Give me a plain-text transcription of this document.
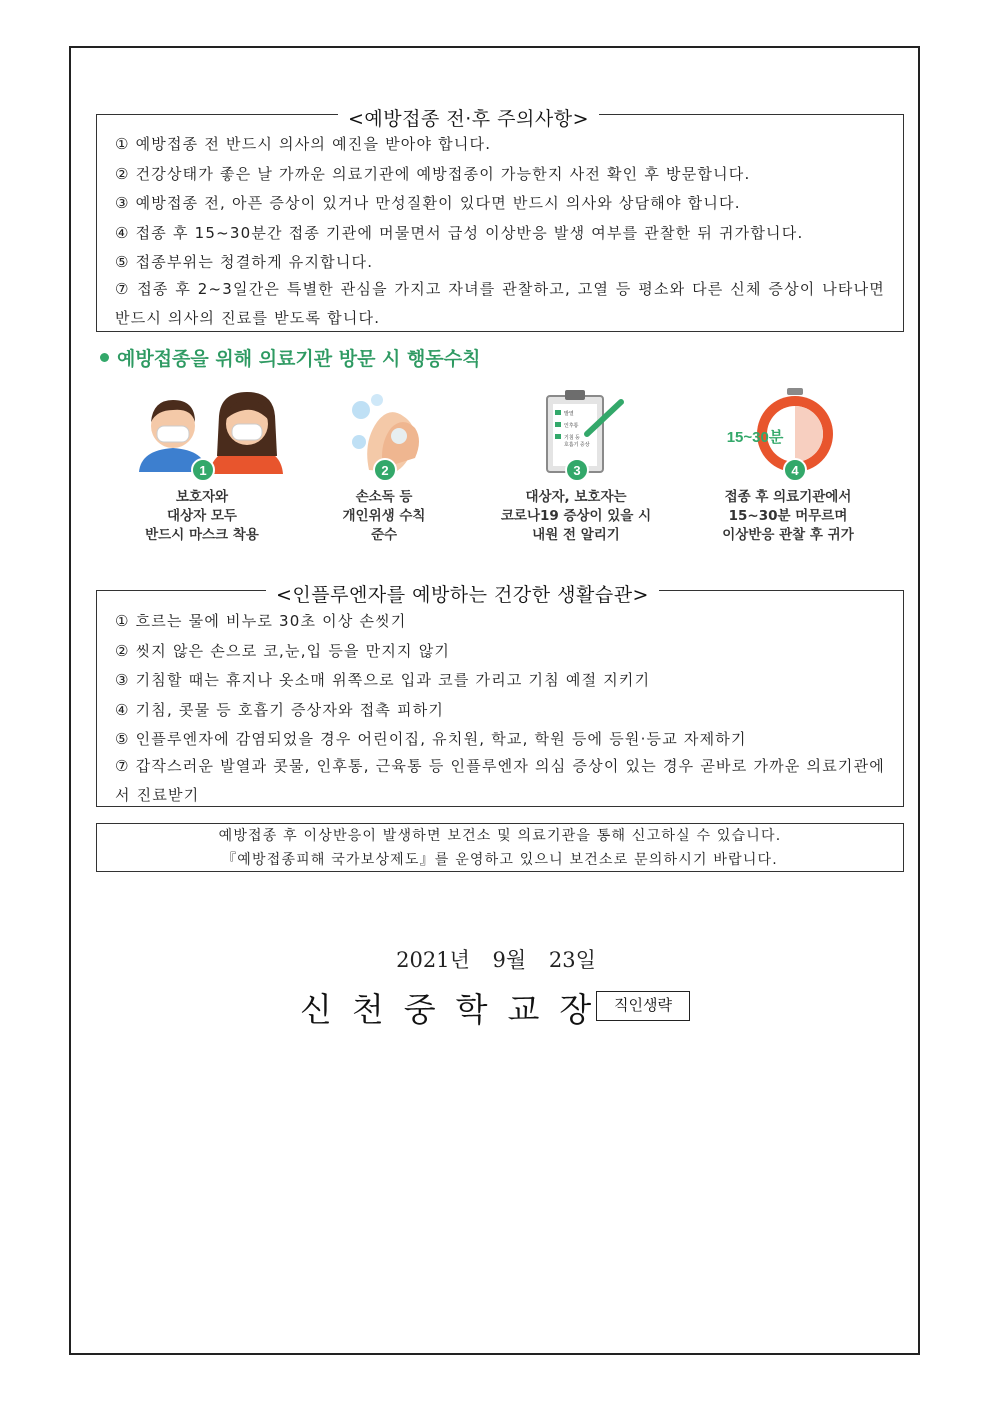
① 예방접종 전 반드시 의사의 예진을 받아야 합니다.
② 건강상태가 좋은 날 가까운 의료기관에 예방접종이 가능한지 사전 확인 후 방문합니다.
③ 예방접종 전, 아픈 증상이 있거나 만성질환이 있다면 반드시 의사와 상담해야 합니다.
④ 접종 후 15~30분간 접종 기관에 머물면서 급성 이상반응 발생 여부를 관찰한 뒤 귀가합니다.
⑤ 접종부위는 청결하게 유지합니다.
⑦ 접종 후 2~3일간은 특별한 관심을 가지고 자녀를 관찰하고, 고열 등 평소와 다른 신체 증상이 나타나면 반드시 의사의 진료를 받도록 합니다.
<예방접종 전·후 주의사항>
예방접종을 위해 의료기관 방문 시 행동수칙
1
보호자와
대상자 모두
반드시 마스크 착용
2
손소독 등
개인위생 수칙
준수
발열
인후통
기침 등
호흡기 증상
3
대상자, 보호자는
코로나19 증상이 있을 시
내원 전 알리기
15~30분
4
접종 후 의료기관에서
15~30분 머무르며
이상반응 관찰 후 귀가
① 흐르는 물에 비누로 30초 이상 손씻기
② 씻지 않은 손으로 코,눈,입 등을 만지지 않기
③ 기침할 때는 휴지나 옷소매 위쪽으로 입과 코를 가리고 기침 예절 지키기
④ 기침, 콧물 등 호흡기 증상자와 접촉 피하기
⑤ 인플루엔자에 감염되었을 경우 어린이집, 유치원, 학교, 학원 등에 등원·등교 자제하기
⑦ 갑작스러운 발열과 콧물, 인후통, 근육통 등 인플루엔자 의심 증상이 있는 경우 곧바로 가까운 의료기관에서 진료받기
<인플루엔자를 예방하는 건강한 생활습관>
예방접종 후 이상반응이 발생하면 보건소 및 의료기관을 통해 신고하실 수 있습니다.
『예방접종피해 국가보상제도』를 운영하고 있으니 보건소로 문의하시기 바랍니다.
2021년 9월 23일
신천중학교장 직인생략
